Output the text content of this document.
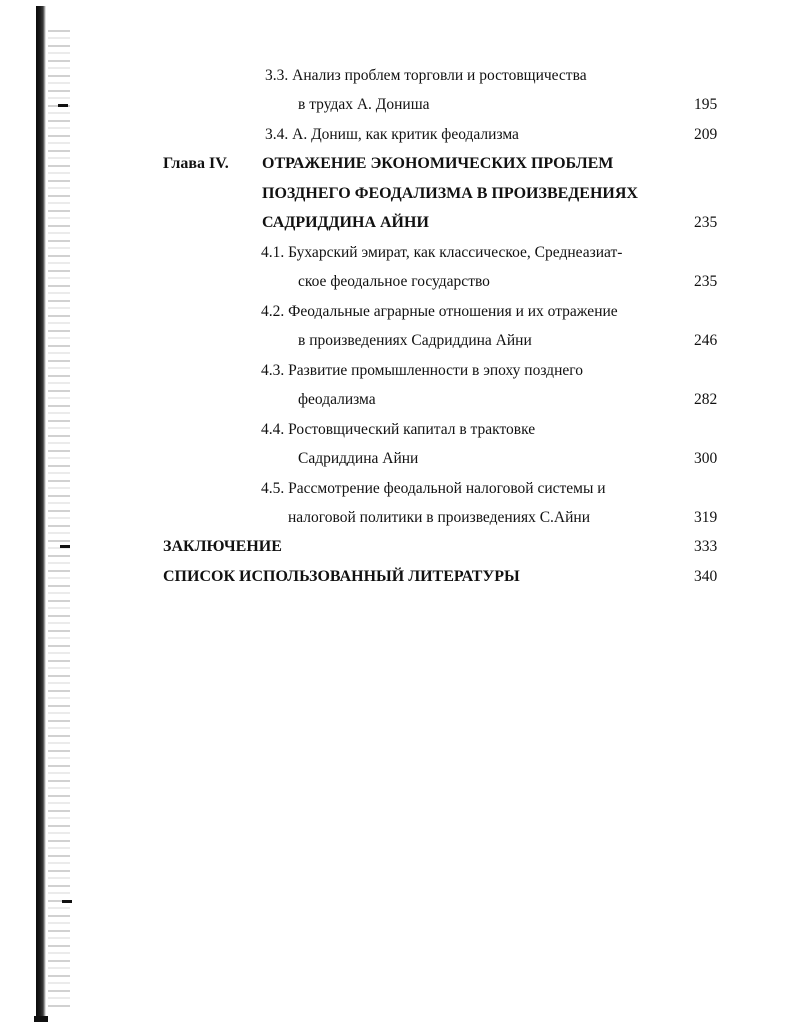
3.3. Анализ проблем торговли и ростовщичества
в трудах А. Дониша	195
3.4. А. Дониш, как критик феодализма	209
Глава IV. ОТРАЖЕНИЕ ЭКОНОМИЧЕСКИХ ПРОБЛЕМ
ПОЗДНЕГО ФЕОДАЛИЗМА В ПРОИЗВЕДЕНИЯХ
САДРИДДИНА АЙНИ	235
4.1. Бухарский эмират, как классическое, Среднеазиат-
ское феодальное государство	235
4.2. Феодальные аграрные отношения и их отражение
в произведениях Садриддина Айни	246
4.3. Развитие промышленности в эпоху позднего
феодализма	282
4.4. Ростовщический капитал в трактовке
Садриддина Айни	300
4.5. Рассмотрение феодальной налоговой системы и
налоговой политики в произведениях С.Айни	319
ЗАКЛЮЧЕНИЕ	333
СПИСОК ИСПОЛЬЗОВАННЫЙ ЛИТЕРАТУРЫ	340
